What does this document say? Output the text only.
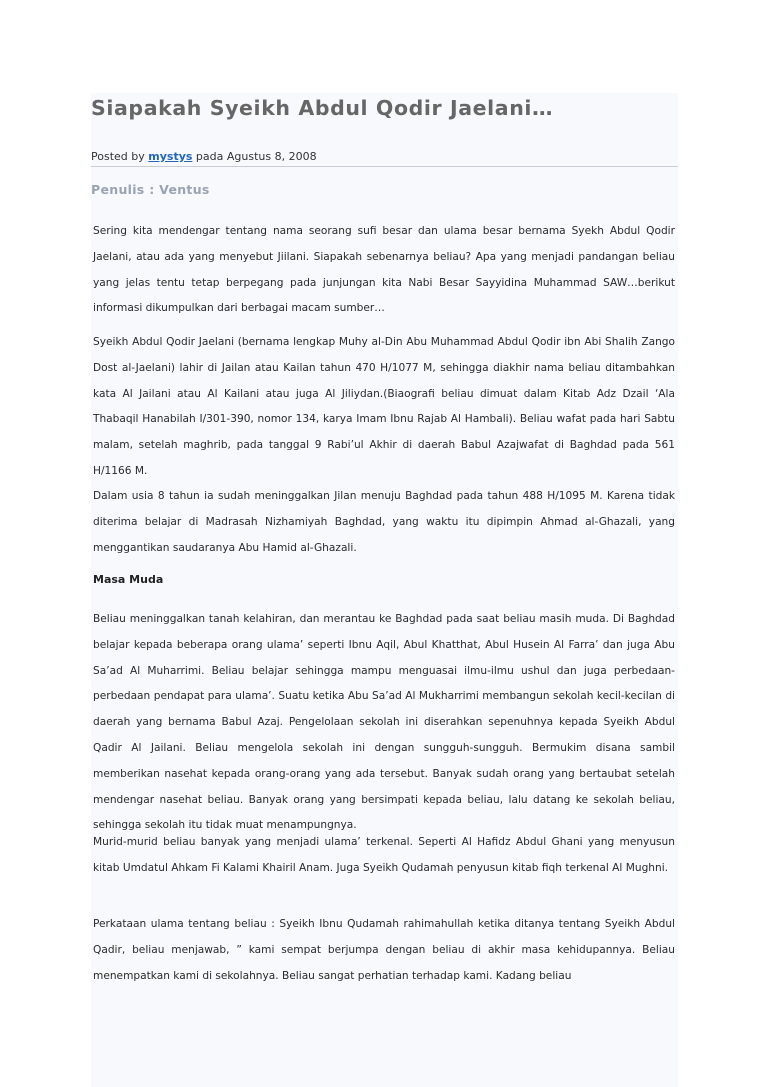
Siapakah Syeikh Abdul Qodir Jaelani…
Posted by mystys pada Agustus 8, 2008
Penulis : Ventus

Sering kita mendengar tentang nama seorang sufi besar dan ulama besar bernama Syekh Abdul Qodir Jaelani, atau ada yang menyebut Jiilani. Siapakah sebenarnya beliau? Apa yang menjadi pandangan beliau yang jelas tentu tetap berpegang pada junjungan kita Nabi Besar Sayyidina Muhammad SAW…berikut informasi dikumpulkan dari berbagai macam sumber…

Syeikh Abdul Qodir Jaelani (bernama lengkap Muhy al-Din Abu Muhammad Abdul Qodir ibn Abi Shalih Zango Dost al-Jaelani) lahir di Jailan atau Kailan tahun 470 H/1077 M, sehingga diakhir nama beliau ditambahkan kata Al Jailani atau Al Kailani atau juga Al Jiliydan.(Biaografi beliau dimuat dalam Kitab Adz Dzail ‘Ala Thabaqil Hanabilah I/301-390, nomor 134, karya Imam Ibnu Rajab Al Hambali). Beliau wafat pada hari Sabtu malam, setelah maghrib, pada tanggal 9 Rabi’ul Akhir di daerah Babul Azajwafat di Baghdad pada 561 H/1166 M.

Dalam usia 8 tahun ia sudah meninggalkan Jilan menuju Baghdad pada tahun 488 H/1095 M. Karena tidak diterima belajar di Madrasah Nizhamiyah Baghdad, yang waktu itu dipimpin Ahmad al-Ghazali, yang menggantikan saudaranya Abu Hamid al-Ghazali.

Masa Muda

Beliau meninggalkan tanah kelahiran, dan merantau ke Baghdad pada saat beliau masih muda. Di Baghdad belajar kepada beberapa orang ulama’ seperti Ibnu Aqil, Abul Khatthat, Abul Husein Al Farra’ dan juga Abu Sa’ad Al Muharrimi. Beliau belajar sehingga mampu menguasai ilmu-ilmu ushul dan juga perbedaan-perbedaan pendapat para ulama’. Suatu ketika Abu Sa’ad Al Mukharrimi membangun sekolah kecil-kecilan di daerah yang bernama Babul Azaj. Pengelolaan sekolah ini diserahkan sepenuhnya kepada Syeikh Abdul Qadir Al Jailani. Beliau mengelola sekolah ini dengan sungguh-sungguh. Bermukim disana sambil memberikan nasehat kepada orang-orang yang ada tersebut. Banyak sudah orang yang bertaubat setelah mendengar nasehat beliau. Banyak orang yang bersimpati kepada beliau, lalu datang ke sekolah beliau, sehingga sekolah itu tidak muat menampungnya.

Murid-murid beliau banyak yang menjadi ulama’ terkenal. Seperti Al Hafidz Abdul Ghani yang menyusun kitab Umdatul Ahkam Fi Kalami Khairil Anam. Juga Syeikh Qudamah penyusun kitab fiqh terkenal Al Mughni.

Perkataan ulama tentang beliau : Syeikh Ibnu Qudamah rahimahullah ketika ditanya tentang Syeikh Abdul Qadir, beliau menjawab, ” kami sempat berjumpa dengan beliau di akhir masa kehidupannya. Beliau menempatkan kami di sekolahnya. Beliau sangat perhatian terhadap kami. Kadang beliau
